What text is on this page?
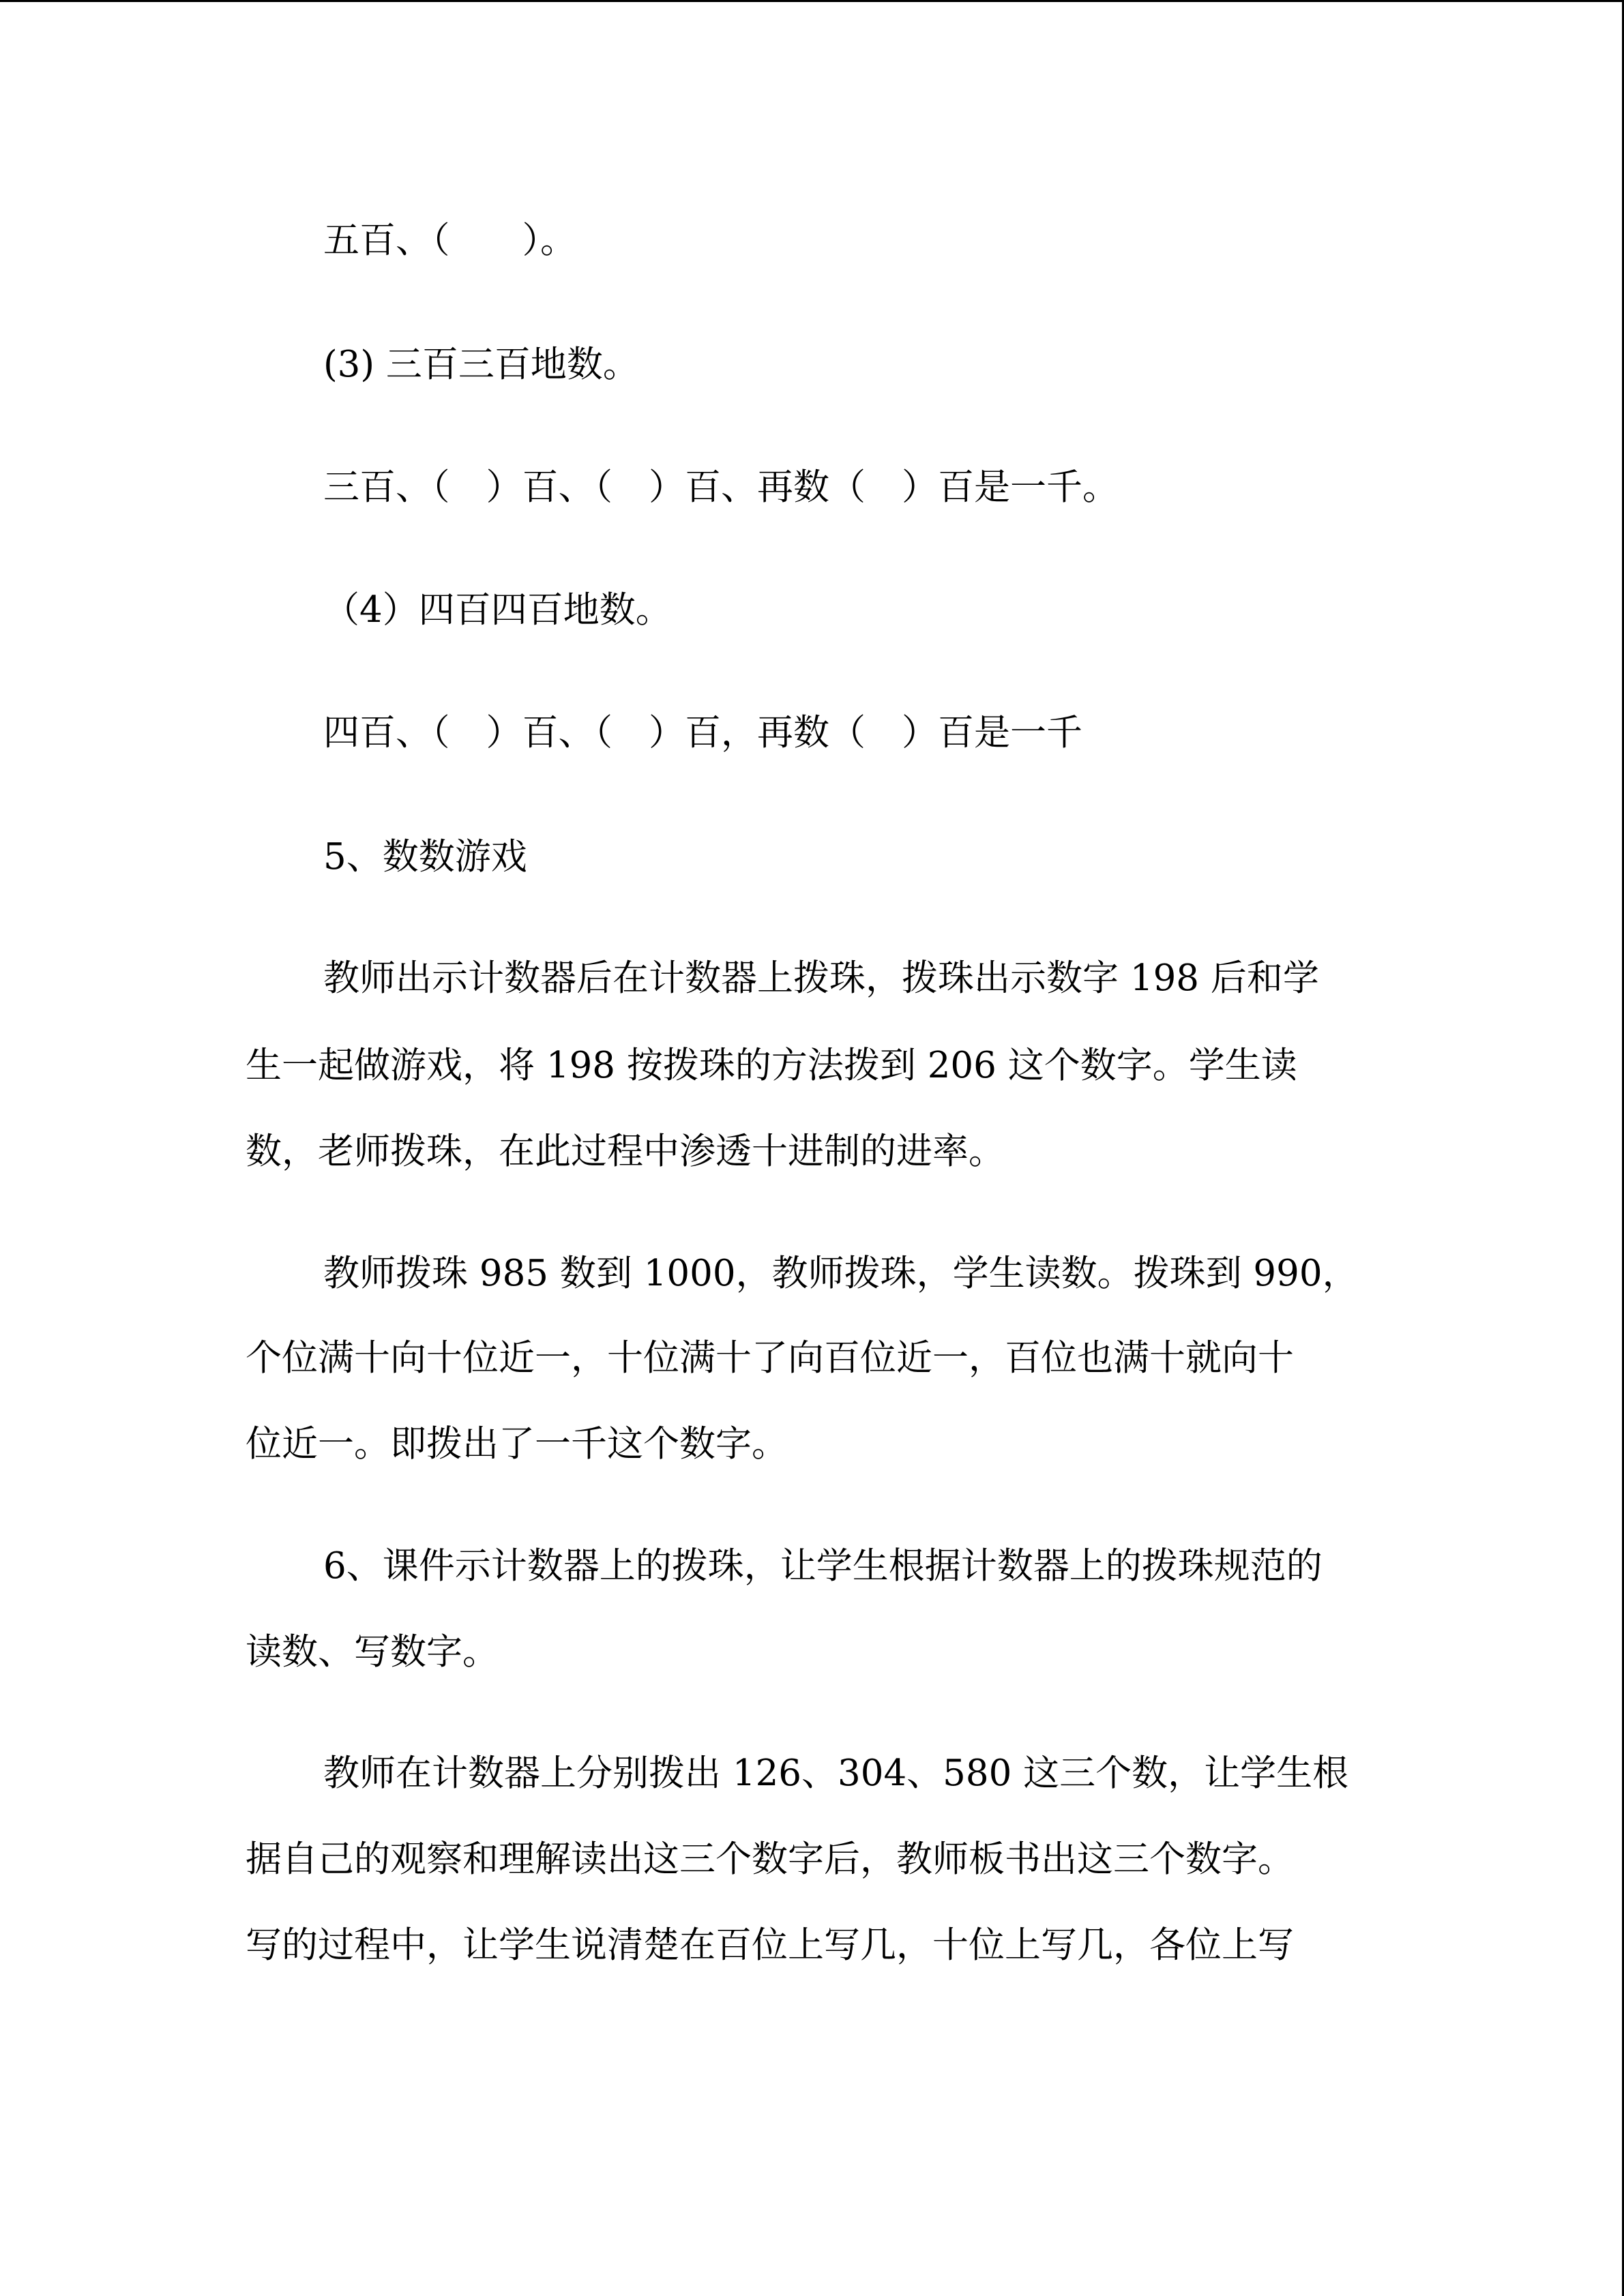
五百、（　　）。
(3) 三百三百地数。
三百、（　）百、（　）百、再数（　）百是一千。
（4）四百四百地数。
四百、（　）百、（　）百，再数（　）百是一千
5、数数游戏
教师出示计数器后在计数器上拨珠，拨珠出示数字 198 后和学
生一起做游戏，将 198 按拨珠的方法拨到 206 这个数字。学生读
数，老师拨珠，在此过程中渗透十进制的进率。
教师拨珠 985 数到 1000，教师拨珠，学生读数。拨珠到 990，
个位满十向十位近一，十位满十了向百位近一，百位也满十就向十
位近一。即拨出了一千这个数字。
6、课件示计数器上的拨珠，让学生根据计数器上的拨珠规范的
读数、写数字。
教师在计数器上分别拨出 126、304、580 这三个数，让学生根
据自己的观察和理解读出这三个数字后，教师板书出这三个数字。
写的过程中，让学生说清楚在百位上写几，十位上写几，各位上写
